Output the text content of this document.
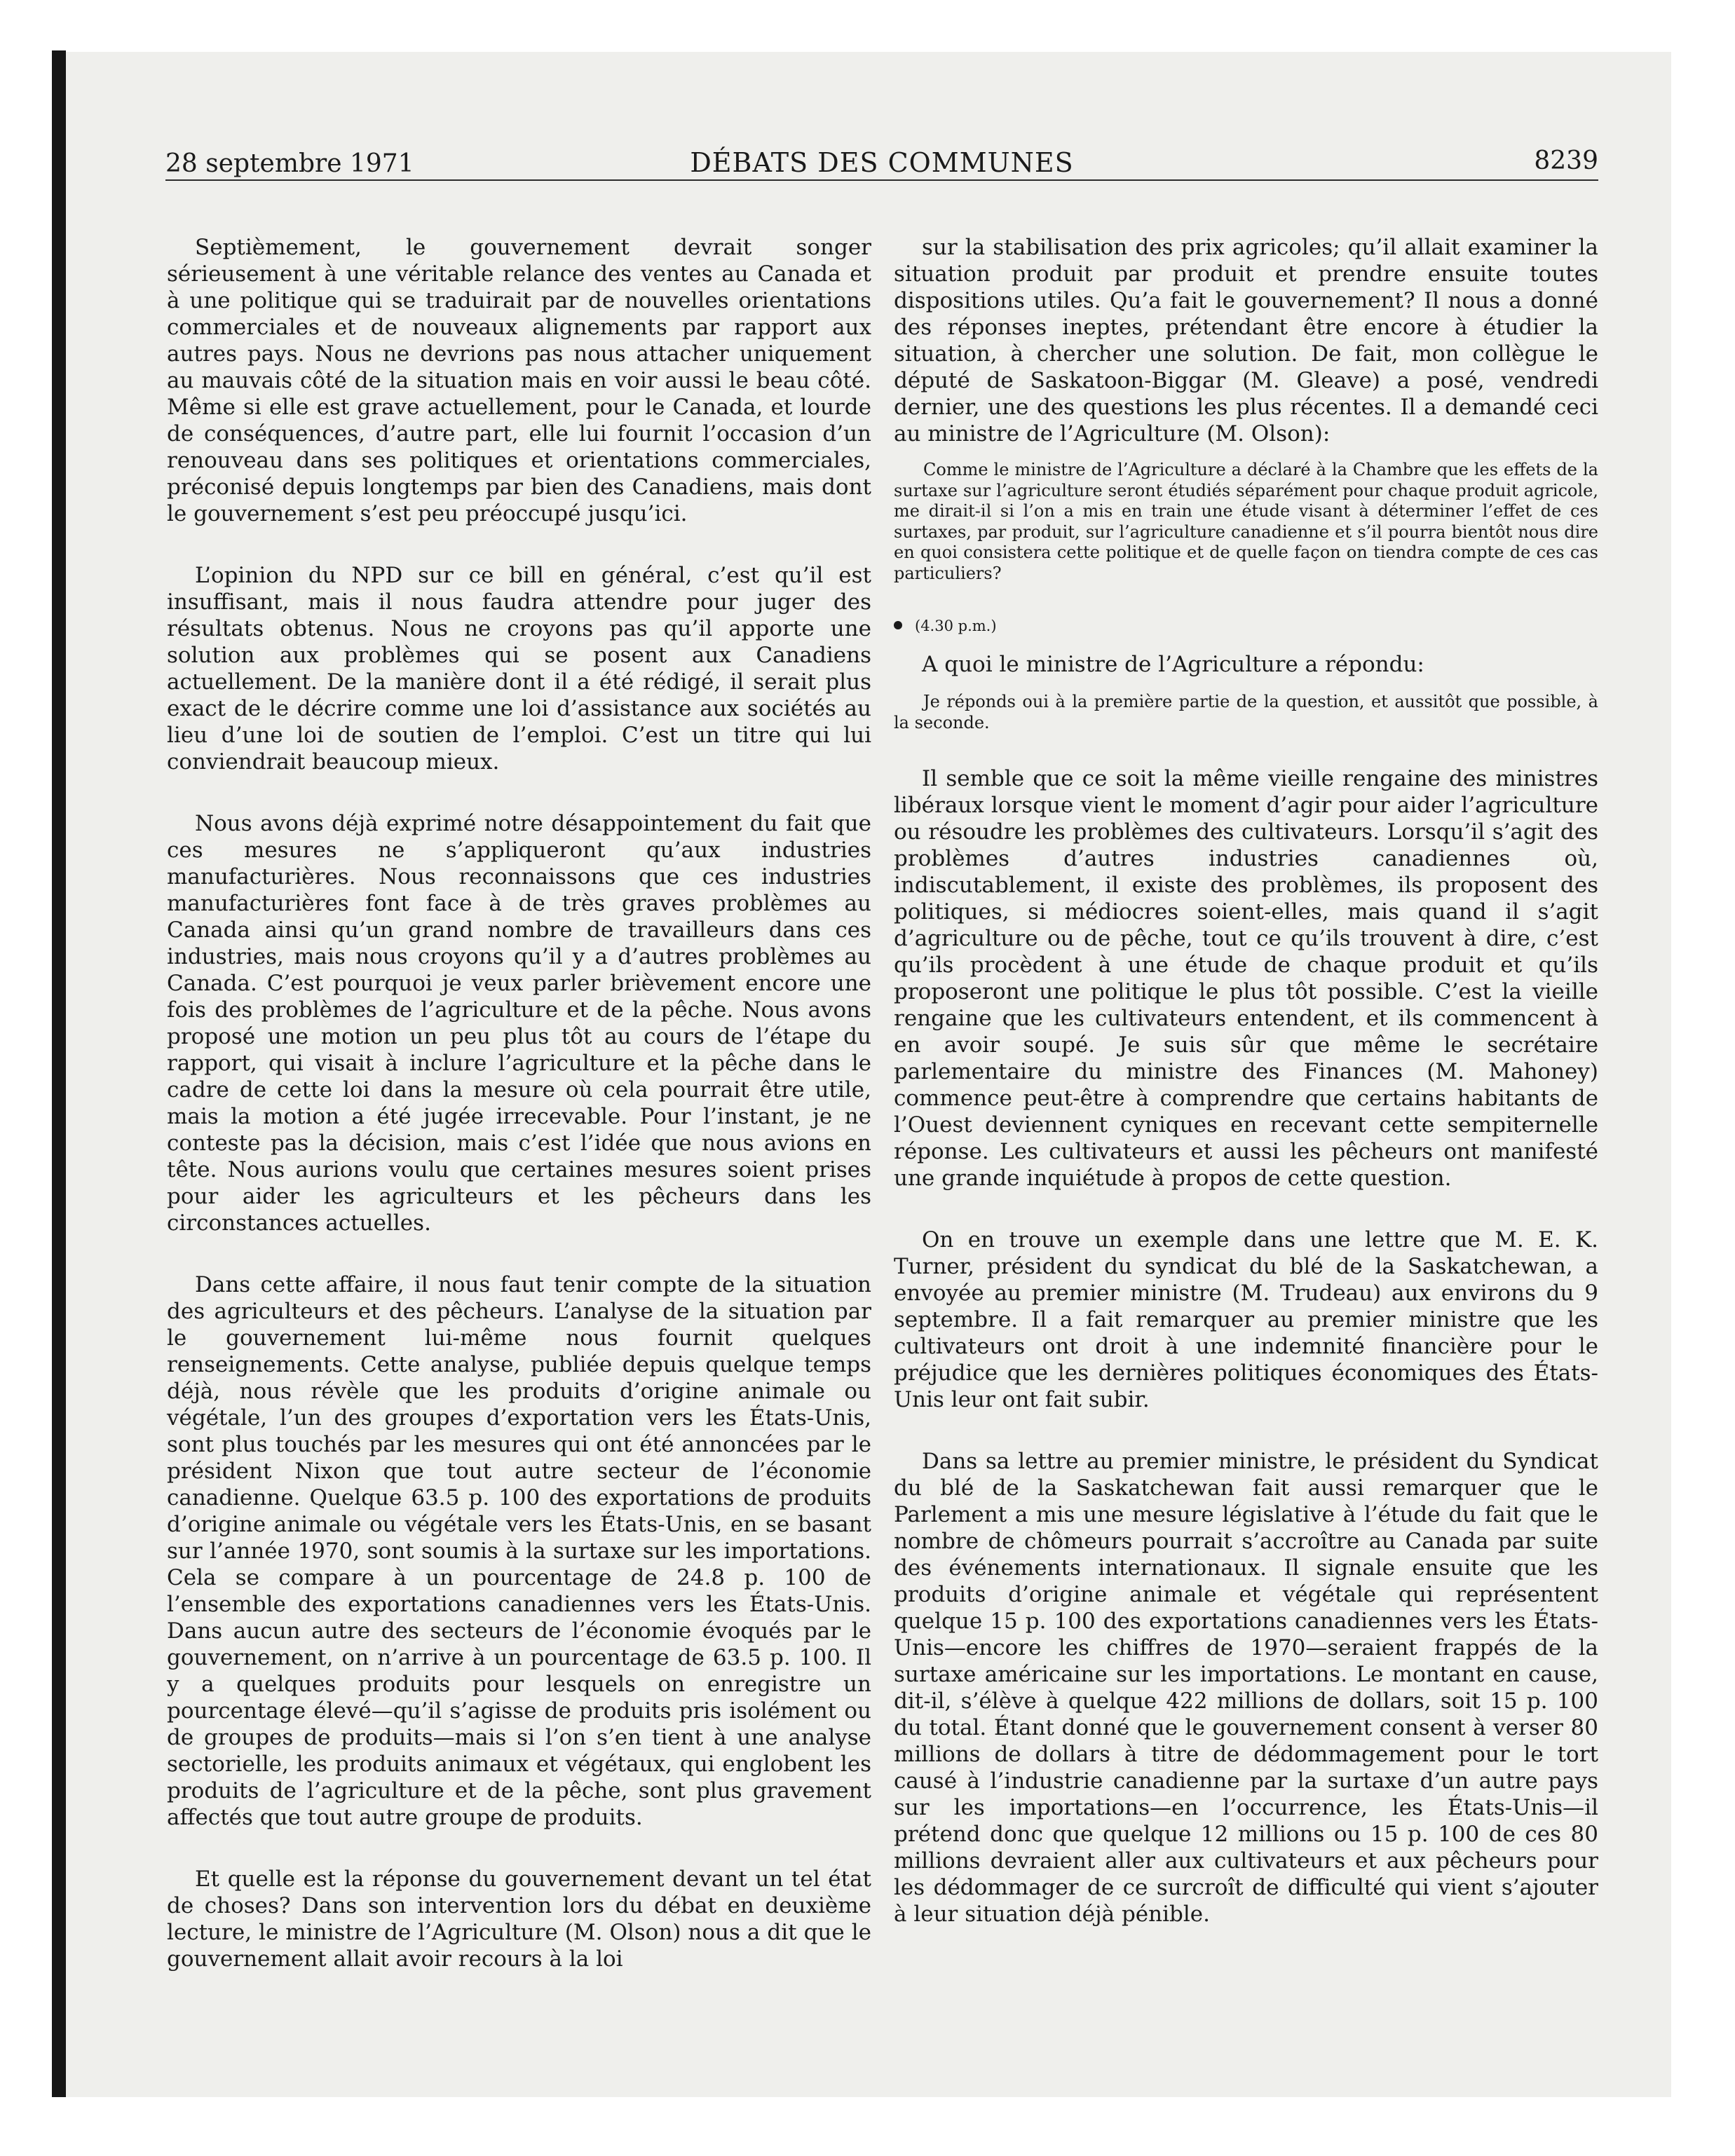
28 septembre 1971	DÉBATS DES COMMUNES	8239

Septièmement, le gouvernement devrait songer sérieusement à une véritable relance des ventes au Canada et à une politique qui se traduirait par de nouvelles orientations commerciales et de nouveaux alignements par rapport aux autres pays. Nous ne devrions pas nous attacher uniquement au mauvais côté de la situation mais en voir aussi le beau côté. Même si elle est grave actuellement, pour le Canada, et lourde de conséquences, d’autre part, elle lui fournit l’occasion d’un renouveau dans ses politiques et orientations commerciales, préconisé depuis longtemps par bien des Canadiens, mais dont le gouvernement s’est peu préoccupé jusqu’ici.

L’opinion du NPD sur ce bill en général, c’est qu’il est insuffisant, mais il nous faudra attendre pour juger des résultats obtenus. Nous ne croyons pas qu’il apporte une solution aux problèmes qui se posent aux Canadiens actuellement. De la manière dont il a été rédigé, il serait plus exact de le décrire comme une loi d’assistance aux sociétés au lieu d’une loi de soutien de l’emploi. C’est un titre qui lui conviendrait beaucoup mieux.

Nous avons déjà exprimé notre désappointement du fait que ces mesures ne s’appliqueront qu’aux industries manufacturières. Nous reconnaissons que ces industries manufacturières font face à de très graves problèmes au Canada ainsi qu’un grand nombre de travailleurs dans ces industries, mais nous croyons qu’il y a d’autres problèmes au Canada. C’est pourquoi je veux parler brièvement encore une fois des problèmes de l’agriculture et de la pêche. Nous avons proposé une motion un peu plus tôt au cours de l’étape du rapport, qui visait à inclure l’agriculture et la pêche dans le cadre de cette loi dans la mesure où cela pourrait être utile, mais la motion a été jugée irrecevable. Pour l’instant, je ne conteste pas la décision, mais c’est l’idée que nous avions en tête. Nous aurions voulu que certaines mesures soient prises pour aider les agriculteurs et les pêcheurs dans les circonstances actuelles.

Dans cette affaire, il nous faut tenir compte de la situation des agriculteurs et des pêcheurs. L’analyse de la situation par le gouvernement lui-même nous fournit quelques renseignements. Cette analyse, publiée depuis quelque temps déjà, nous révèle que les produits d’origine animale ou végétale, l’un des groupes d’exportation vers les États-Unis, sont plus touchés par les mesures qui ont été annoncées par le président Nixon que tout autre secteur de l’économie canadienne. Quelque 63.5 p. 100 des exportations de produits d’origine animale ou végétale vers les États-Unis, en se basant sur l’année 1970, sont soumis à la surtaxe sur les importations. Cela se compare à un pourcentage de 24.8 p. 100 de l’ensemble des exportations canadiennes vers les États-Unis. Dans aucun autre des secteurs de l’économie évoqués par le gouvernement, on n’arrive à un pourcentage de 63.5 p. 100. Il y a quelques produits pour lesquels on enregistre un pourcentage élevé—qu’il s’agisse de produits pris isolément ou de groupes de produits—mais si l’on s’en tient à une analyse sectorielle, les produits animaux et végétaux, qui englobent les produits de l’agriculture et de la pêche, sont plus gravement affectés que tout autre groupe de produits.

Et quelle est la réponse du gouvernement devant un tel état de choses? Dans son intervention lors du débat en deuxième lecture, le ministre de l’Agriculture (M. Olson) nous a dit que le gouvernement allait avoir recours à la loi

sur la stabilisation des prix agricoles; qu’il allait examiner la situation produit par produit et prendre ensuite toutes dispositions utiles. Qu’a fait le gouvernement? Il nous a donné des réponses ineptes, prétendant être encore à étudier la situation, à chercher une solution. De fait, mon collègue le député de Saskatoon-Biggar (M. Gleave) a posé, vendredi dernier, une des questions les plus récentes. Il a demandé ceci au ministre de l’Agriculture (M. Olson):

Comme le ministre de l’Agriculture a déclaré à la Chambre que les effets de la surtaxe sur l’agriculture seront étudiés séparément pour chaque produit agricole, me dirait-il si l’on a mis en train une étude visant à déterminer l’effet de ces surtaxes, par produit, sur l’agriculture canadienne et s’il pourra bientôt nous dire en quoi consistera cette politique et de quelle façon on tiendra compte de ces cas particuliers?

(4.30 p.m.)

A quoi le ministre de l’Agriculture a répondu:

Je réponds oui à la première partie de la question, et aussitôt que possible, à la seconde.

Il semble que ce soit la même vieille rengaine des ministres libéraux lorsque vient le moment d’agir pour aider l’agriculture ou résoudre les problèmes des cultivateurs. Lorsqu’il s’agit des problèmes d’autres industries canadiennes où, indiscutablement, il existe des problèmes, ils proposent des politiques, si médiocres soient-elles, mais quand il s’agit d’agriculture ou de pêche, tout ce qu’ils trouvent à dire, c’est qu’ils procèdent à une étude de chaque produit et qu’ils proposeront une politique le plus tôt possible. C’est la vieille rengaine que les cultivateurs entendent, et ils commencent à en avoir soupé. Je suis sûr que même le secrétaire parlementaire du ministre des Finances (M. Mahoney) commence peut-être à comprendre que certains habitants de l’Ouest deviennent cyniques en recevant cette sempiternelle réponse. Les cultivateurs et aussi les pêcheurs ont manifesté une grande inquiétude à propos de cette question.

On en trouve un exemple dans une lettre que M. E. K. Turner, président du syndicat du blé de la Saskatchewan, a envoyée au premier ministre (M. Trudeau) aux environs du 9 septembre. Il a fait remarquer au premier ministre que les cultivateurs ont droit à une indemnité financière pour le préjudice que les dernières politiques économiques des États-Unis leur ont fait subir.

Dans sa lettre au premier ministre, le président du Syndicat du blé de la Saskatchewan fait aussi remarquer que le Parlement a mis une mesure législative à l’étude du fait que le nombre de chômeurs pourrait s’accroître au Canada par suite des événements internationaux. Il signale ensuite que les produits d’origine animale et végétale qui représentent quelque 15 p. 100 des exportations canadiennes vers les États-Unis—encore les chiffres de 1970—seraient frappés de la surtaxe américaine sur les importations. Le montant en cause, dit-il, s’élève à quelque 422 millions de dollars, soit 15 p. 100 du total. Étant donné que le gouvernement consent à verser 80 millions de dollars à titre de dédommagement pour le tort causé à l’industrie canadienne par la surtaxe d’un autre pays sur les importations—en l’occurrence, les États-Unis—il prétend donc que quelque 12 millions ou 15 p. 100 de ces 80 millions devraient aller aux cultivateurs et aux pêcheurs pour les dédommager de ce surcroît de difficulté qui vient s’ajouter à leur situation déjà pénible.
